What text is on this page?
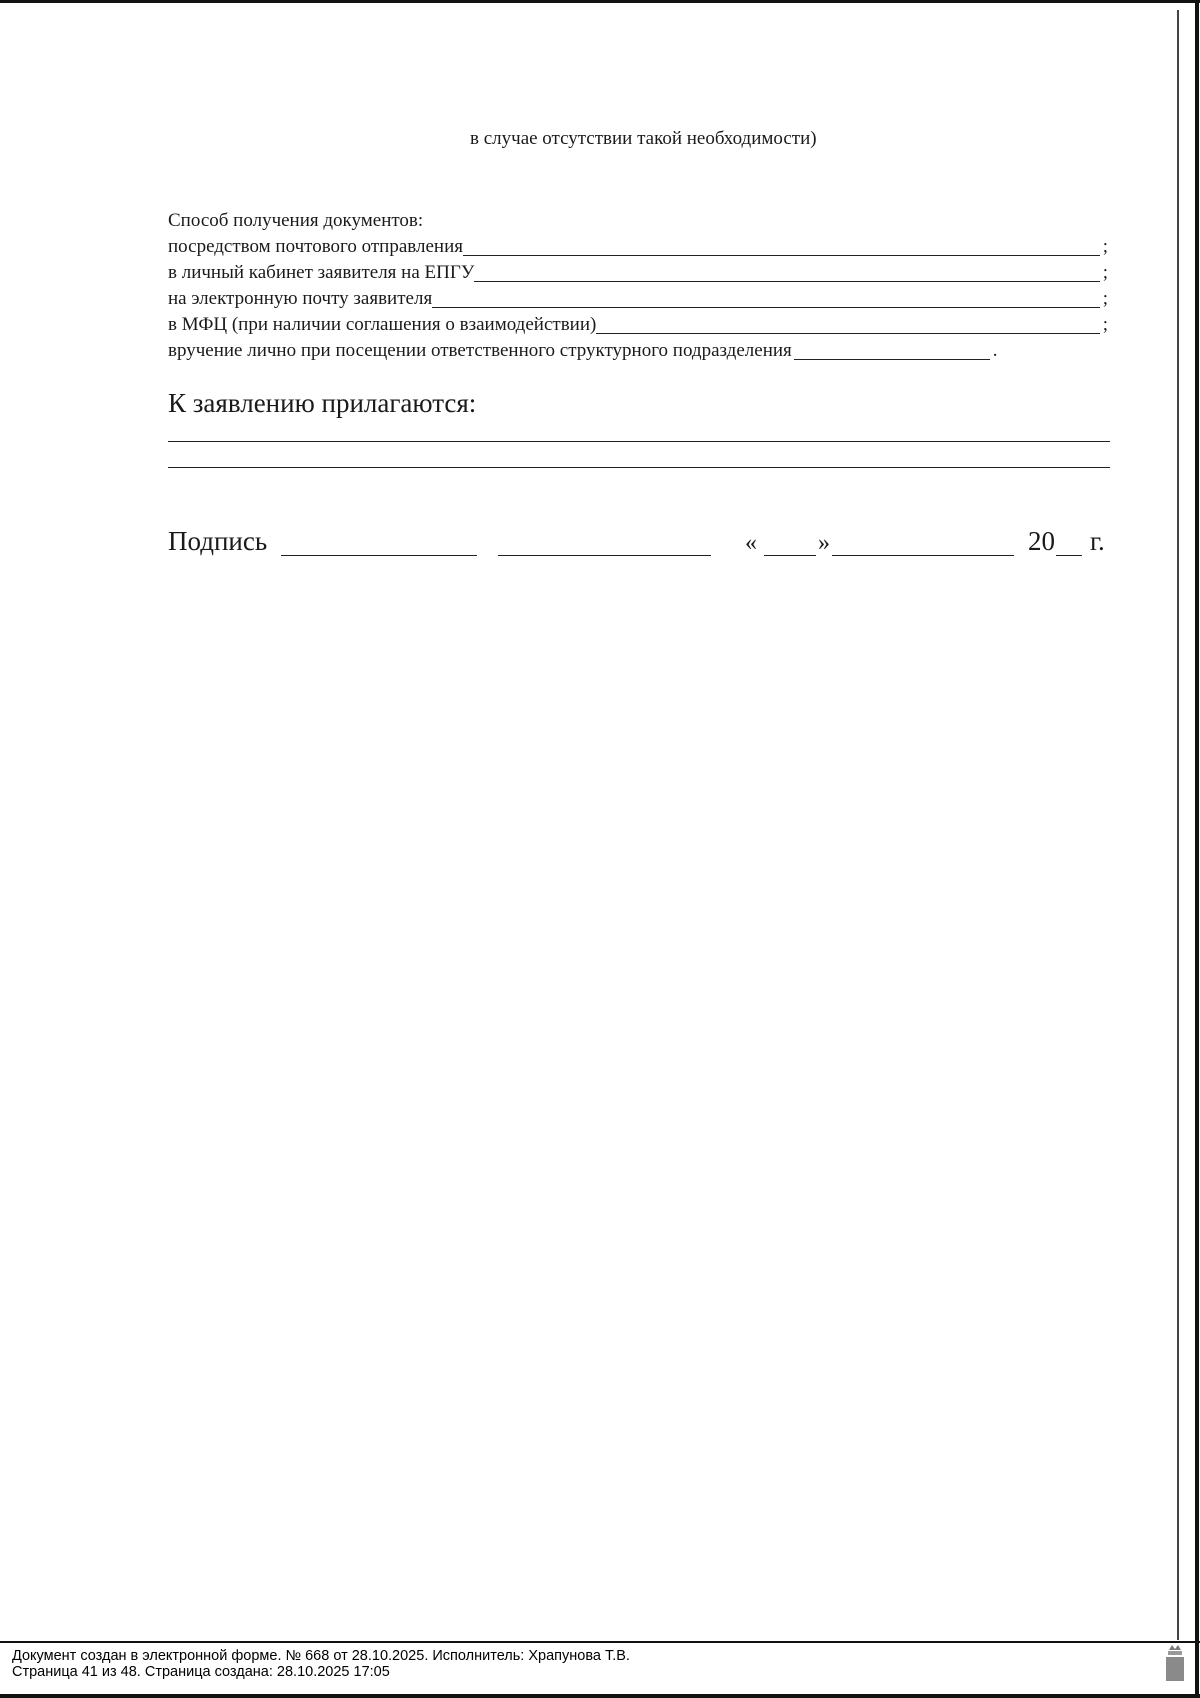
в случае отсутствии такой необходимости)
Способ получения документов:
посредством почтового отправления	;
в личный кабинет заявителя на ЕПГУ	;
на электронную почту заявителя	;
в МФЦ (при наличии соглашения о взаимодействии)	;
вручение лично при посещении ответственного структурного подразделения	.
К заявлению прилагаются:
Подпись	«	»	20 г.
Документ создан в электронной форме. № 668 от 28.10.2025. Исполнитель: Храпунова Т.В.
Страница 41 из 48. Страница создана: 28.10.2025 17:05
